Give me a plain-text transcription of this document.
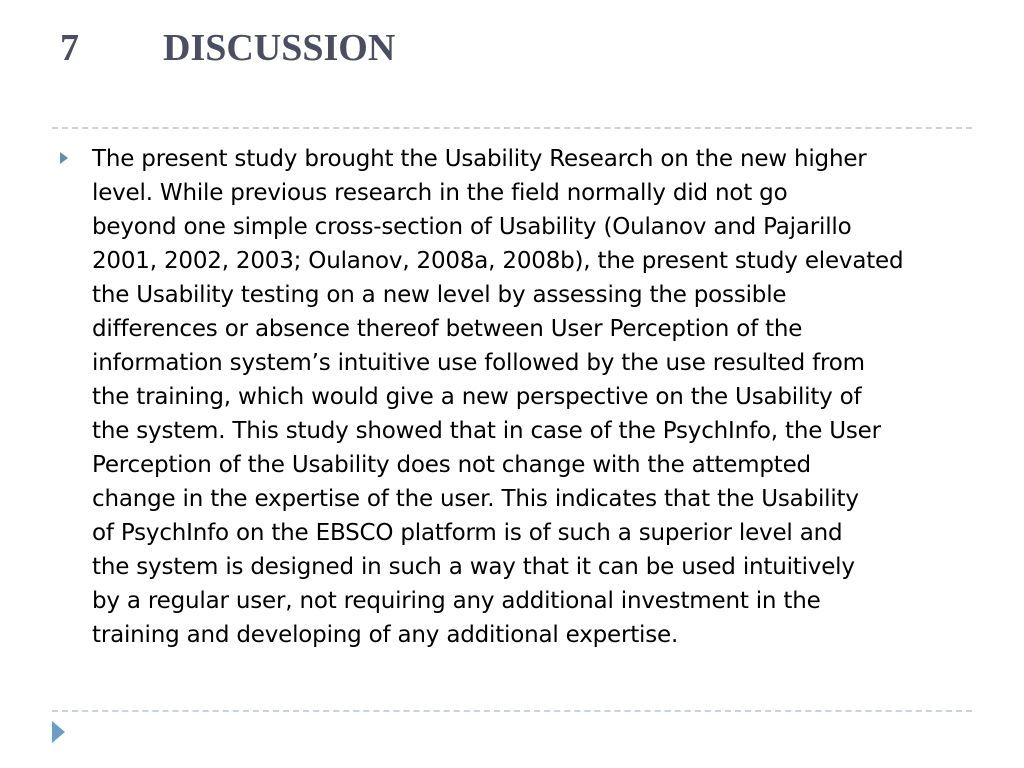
7 DISCUSSION

The present study brought the Usability Research on the new higher
level. While previous research in the field normally did not go
beyond one simple cross-section of Usability (Oulanov and Pajarillo
2001, 2002, 2003; Oulanov, 2008a, 2008b), the present study elevated
the Usability testing on a new level by assessing the possible
differences or absence thereof between User Perception of the
information system’s intuitive use followed by the use resulted from
the training, which would give a new perspective on the Usability of
the system. This study showed that in case of the PsychInfo, the User
Perception of the Usability does not change with the attempted
change in the expertise of the user. This indicates that the Usability
of PsychInfo on the EBSCO platform is of such a superior level and
the system is designed in such a way that it can be used intuitively
by a regular user, not requiring any additional investment in the
training and developing of any additional expertise.
